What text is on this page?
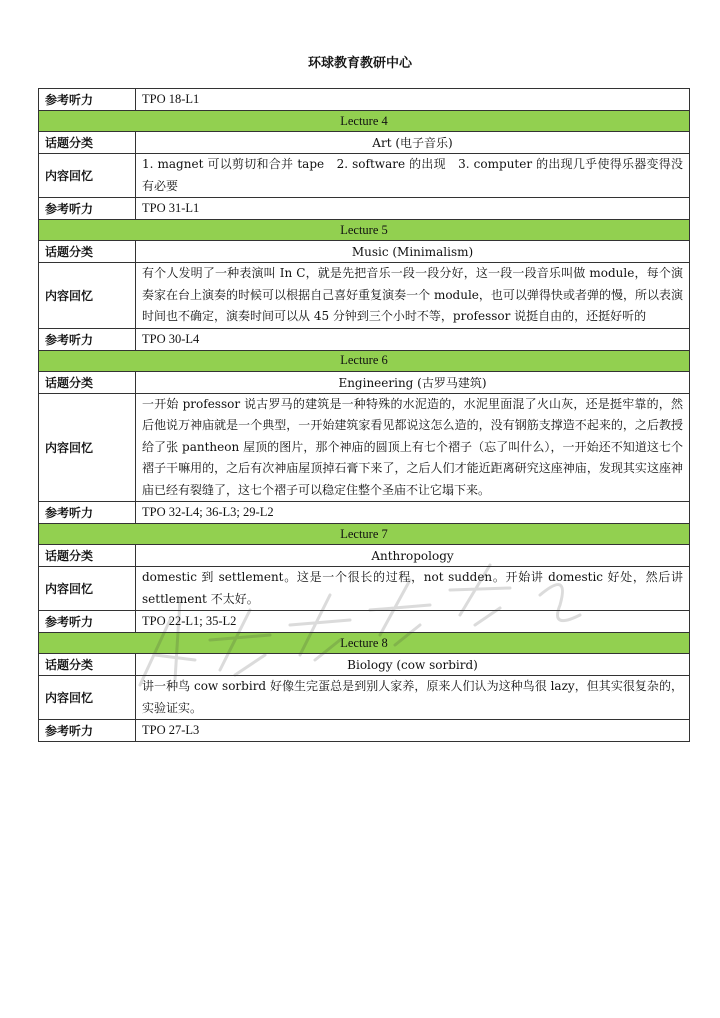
环球教育教研中心
参考听力	TPO 18-L1
Lecture 4	
话题分类	Art (电子音乐)
内容回忆	1. magnet 可以剪切和合并 tape　2. software 的出现　3. computer 的出现几乎使得乐器变得没有必要
参考听力	TPO 31-L1
Lecture 5	
话题分类	Music (Minimalism)
内容回忆	有个人发明了一种表演叫 In C，就是先把音乐一段一段分好，这一段一段音乐叫做 module，每个演奏家在台上演奏的时候可以根据自己喜好重复演奏一个 module，也可以弹得快或者弹的慢，所以表演时间也不确定，演奏时间可以从 45 分钟到三个小时不等，professor 说挺自由的，还挺好听的
参考听力	TPO 30-L4
Lecture 6	
话题分类	Engineering (古罗马建筑)
内容回忆	一开始 professor 说古罗马的建筑是一种特殊的水泥造的，水泥里面混了火山灰，还是挺牢靠的，然后他说万神庙就是一个典型，一开始建筑家看见都说这怎么造的，没有钢筋支撑造不起来的，之后教授给了张 pantheon 屋顶的图片，那个神庙的圆顶上有七个褶子（忘了叫什么），一开始还不知道这七个褶子干嘛用的，之后有次神庙屋顶掉石膏下来了，之后人们才能近距离研究这座神庙，发现其实这座神庙已经有裂缝了，这七个褶子可以稳定住整个圣庙不让它塌下来。
参考听力	TPO 32-L4; 36-L3; 29-L2
Lecture 7	
话题分类	Anthropology
内容回忆	domestic 到 settlement。这是一个很长的过程，not sudden。开始讲 domestic 好处，然后讲 settlement 不太好。
参考听力	TPO 22-L1; 35-L2
Lecture 8	
话题分类	Biology (cow sorbird)
内容回忆	讲一种鸟 cow sorbird 好像生完蛋总是到别人家养，原来人们认为这种鸟很 lazy，但其实很复杂的，实验证实。
参考听力	TPO 27-L3
